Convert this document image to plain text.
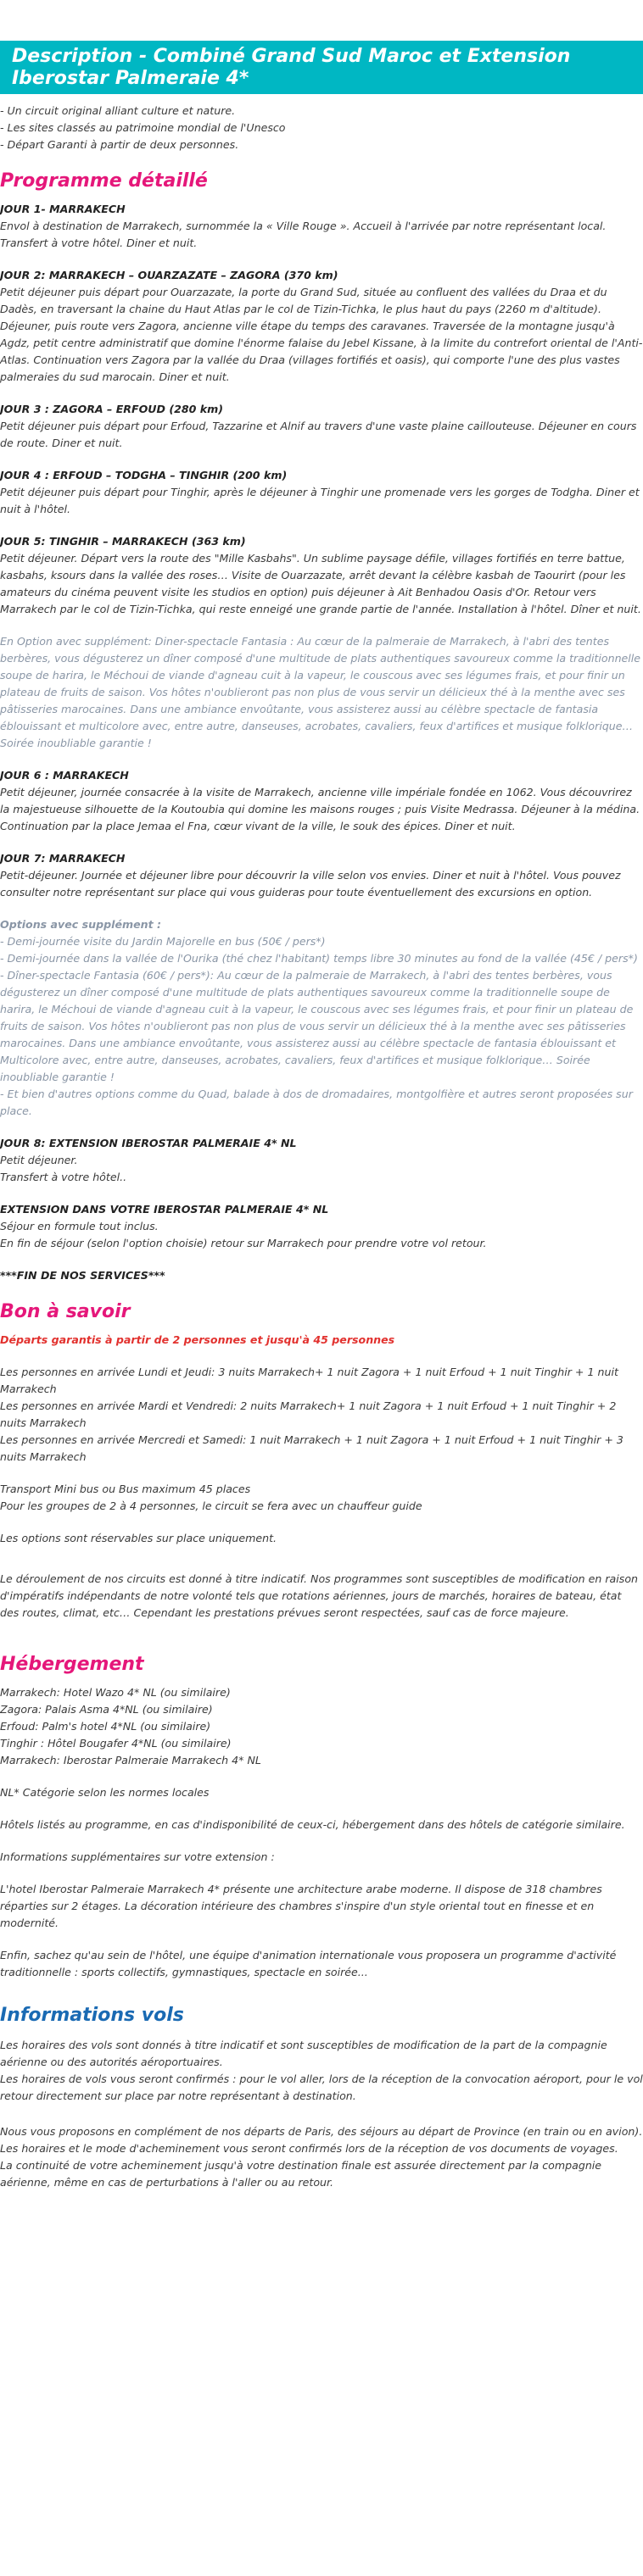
Description - Combiné Grand Sud Maroc et Extension Iberostar Palmeraie 4*
- Un circuit original alliant culture et nature.
- Les sites classés au patrimoine mondial de l'Unesco
- Départ Garanti à partir de deux personnes.
Programme détaillé
JOUR 1- MARRAKECH

Envol à destination de Marrakech, surnommée la « Ville Rouge ». Accueil à l'arrivée par notre représentant local. Transfert à votre hôtel. Diner et nuit.

JOUR 2: MARRAKECH – OUARZAZATE – ZAGORA (370 km)

Petit déjeuner puis départ pour Ouarzazate, la porte du Grand Sud, située au confluent des vallées du Draa et du Dadès, en traversant la chaine du Haut Atlas par le col de Tizin-Tichka, le plus haut du pays (2260 m d'altitude). Déjeuner, puis route vers Zagora, ancienne ville étape du temps des caravanes. Traversée de la montagne jusqu'à Agdz, petit centre administratif que domine l'énorme falaise du Jebel Kissane, à la limite du contrefort oriental de l'Anti-Atlas. Continuation vers Zagora par la vallée du Draa (villages fortifiés et oasis), qui comporte l'une des plus vastes palmeraies du sud marocain. Diner et nuit.

JOUR 3 : ZAGORA – ERFOUD (280 km)

Petit déjeuner puis départ pour Erfoud, Tazzarine et Alnif au travers d'une vaste plaine caillouteuse. Déjeuner en cours de route. Diner et nuit.

JOUR 4 : ERFOUD – TODGHA – TINGHIR (200 km)

Petit déjeuner puis départ pour Tinghir, après le déjeuner à Tinghir une promenade vers les gorges de Todgha. Diner et nuit à l'hôtel.

JOUR 5: TINGHIR – MARRAKECH (363 km)

Petit déjeuner. Départ vers la route des "Mille Kasbahs". Un sublime paysage défile, villages fortifiés en terre battue, kasbahs, ksours dans la vallée des roses… Visite de Ouarzazate, arrêt devant la célèbre kasbah de Taourirt (pour les amateurs du cinéma peuvent visite les studios en option) puis déjeuner à Ait Benhadou Oasis d'Or. Retour vers Marrakech par le col de Tizin-Tichka, qui reste enneigé une grande partie de l'année. Installation à l'hôtel. Dîner et nuit.

En Option avec supplément: Diner-spectacle Fantasia : Au cœur de la palmeraie de Marrakech, à l'abri des tentes berbères, vous dégusterez un dîner composé d'une multitude de plats authentiques savoureux comme la traditionnelle soupe de harira, le Méchoui de viande d'agneau cuit à la vapeur, le couscous avec ses légumes frais, et pour finir un plateau de fruits de saison. Vos hôtes n'oublieront pas non plus de vous servir un délicieux thé à la menthe avec ses pâtisseries marocaines. Dans une ambiance envoûtante, vous assisterez aussi au célèbre spectacle de fantasia éblouissant et multicolore avec, entre autre, danseuses, acrobates, cavaliers, feux d'artifices et musique folklorique… Soirée inoubliable garantie !

JOUR 6 : MARRAKECH

Petit déjeuner, journée consacrée à la visite de Marrakech, ancienne ville impériale fondée en 1062. Vous découvrirez la majestueuse silhouette de la Koutoubia qui domine les maisons rouges ; puis Visite Medrassa. Déjeuner à la médina. Continuation par la place Jemaa el Fna, cœur vivant de la ville, le souk des épices. Diner et nuit.

JOUR 7: MARRAKECH

Petit-déjeuner. Journée et déjeuner libre pour découvrir la ville selon vos envies. Diner et nuit à l'hôtel. Vous pouvez consulter notre représentant sur place qui vous guideras pour toute éventuellement des excursions en option.

Options avec supplément :
- Demi-journée visite du Jardin Majorelle en bus (50€ / pers*)
- Demi-journée dans la vallée de l'Ourika (thé chez l'habitant) temps libre 30 minutes au fond de la vallée (45€ / pers*)
- Dîner-spectacle Fantasia (60€ / pers*): Au cœur de la palmeraie de Marrakech, à l'abri des tentes berbères, vous dégusterez un dîner composé d'une multitude de plats authentiques savoureux comme la traditionnelle soupe de harira, le Méchoui de viande d'agneau cuit à la vapeur, le couscous avec ses légumes frais, et pour finir un plateau de fruits de saison. Vos hôtes n'oublieront pas non plus de vous servir un délicieux thé à la menthe avec ses pâtisseries marocaines. Dans une ambiance envoûtante, vous assisterez aussi au célèbre spectacle de fantasia éblouissant et Multicolore avec, entre autre, danseuses, acrobates, cavaliers, feux d'artifices et musique folklorique… Soirée inoubliable garantie !
- Et bien d'autres options comme du Quad, balade à dos de dromadaires, montgolfière et autres seront proposées sur place.
JOUR 8: EXTENSION IBEROSTAR PALMERAIE 4* NL
Petit déjeuner.
Transfert à votre hôtel..
EXTENSION DANS VOTRE IBEROSTAR PALMERAIE 4* NL
Séjour en formule tout inclus.
En fin de séjour (selon l'option choisie) retour sur Marrakech pour prendre votre vol retour.
***FIN DE NOS SERVICES***
Bon à savoir
Départs garantis à partir de 2 personnes et jusqu'à 45 personnes
Les personnes en arrivée Lundi et Jeudi: 3 nuits Marrakech+ 1 nuit Zagora + 1 nuit Erfoud + 1 nuit Tinghir + 1 nuit Marrakech
Les personnes en arrivée Mardi et Vendredi: 2 nuits Marrakech+ 1 nuit Zagora + 1 nuit Erfoud + 1 nuit Tinghir + 2 nuits Marrakech
Les personnes en arrivée Mercredi et Samedi: 1 nuit Marrakech + 1 nuit Zagora + 1 nuit Erfoud + 1 nuit Tinghir + 3 nuits Marrakech
Transport Mini bus ou Bus maximum 45 places
Pour les groupes de 2 à 4 personnes, le circuit se fera avec un chauffeur guide
Les options sont réservables sur place uniquement.
Le déroulement de nos circuits est donné à titre indicatif. Nos programmes sont susceptibles de modification en raison d'impératifs indépendants de notre volonté tels que rotations aériennes, jours de marchés, horaires de bateau, état des routes, climat, etc… Cependant les prestations prévues seront respectées, sauf cas de force majeure.
Hébergement
Marrakech: Hotel Wazo 4* NL (ou similaire)
Zagora: Palais Asma 4*NL (ou similaire)
Erfoud: Palm's hotel 4*NL (ou similaire)
Tinghir : Hôtel Bougafer 4*NL (ou similaire)
Marrakech: Iberostar Palmeraie Marrakech 4* NL
NL* Catégorie selon les normes locales
Hôtels listés au programme, en cas d'indisponibilité de ceux-ci, hébergement dans des hôtels de catégorie similaire.
Informations supplémentaires sur votre extension :
L'hotel Iberostar Palmeraie Marrakech 4* présente une architecture arabe moderne. Il dispose de 318 chambres réparties sur 2 étages. La décoration intérieure des chambres s'inspire d'un style oriental tout en finesse et en modernité.
Enfin, sachez qu'au sein de l'hôtel, une équipe d'animation internationale vous proposera un programme d'activité traditionnelle : sports collectifs, gymnastiques, spectacle en soirée...
Informations vols
Les horaires des vols sont donnés à titre indicatif et sont susceptibles de modification de la part de la compagnie aérienne ou des autorités aéroportuaires.
Les horaires de vols vous seront confirmés : pour le vol aller, lors de la réception de la convocation aéroport, pour le vol retour directement sur place par notre représentant à destination.
Nous vous proposons en complément de nos départs de Paris, des séjours au départ de Province (en train ou en avion).
Les horaires et le mode d'acheminement vous seront confirmés lors de la réception de vos documents de voyages.
La continuité de votre acheminement jusqu'à votre destination finale est assurée directement par la compagnie aérienne, même en cas de perturbations à l'aller ou au retour.
